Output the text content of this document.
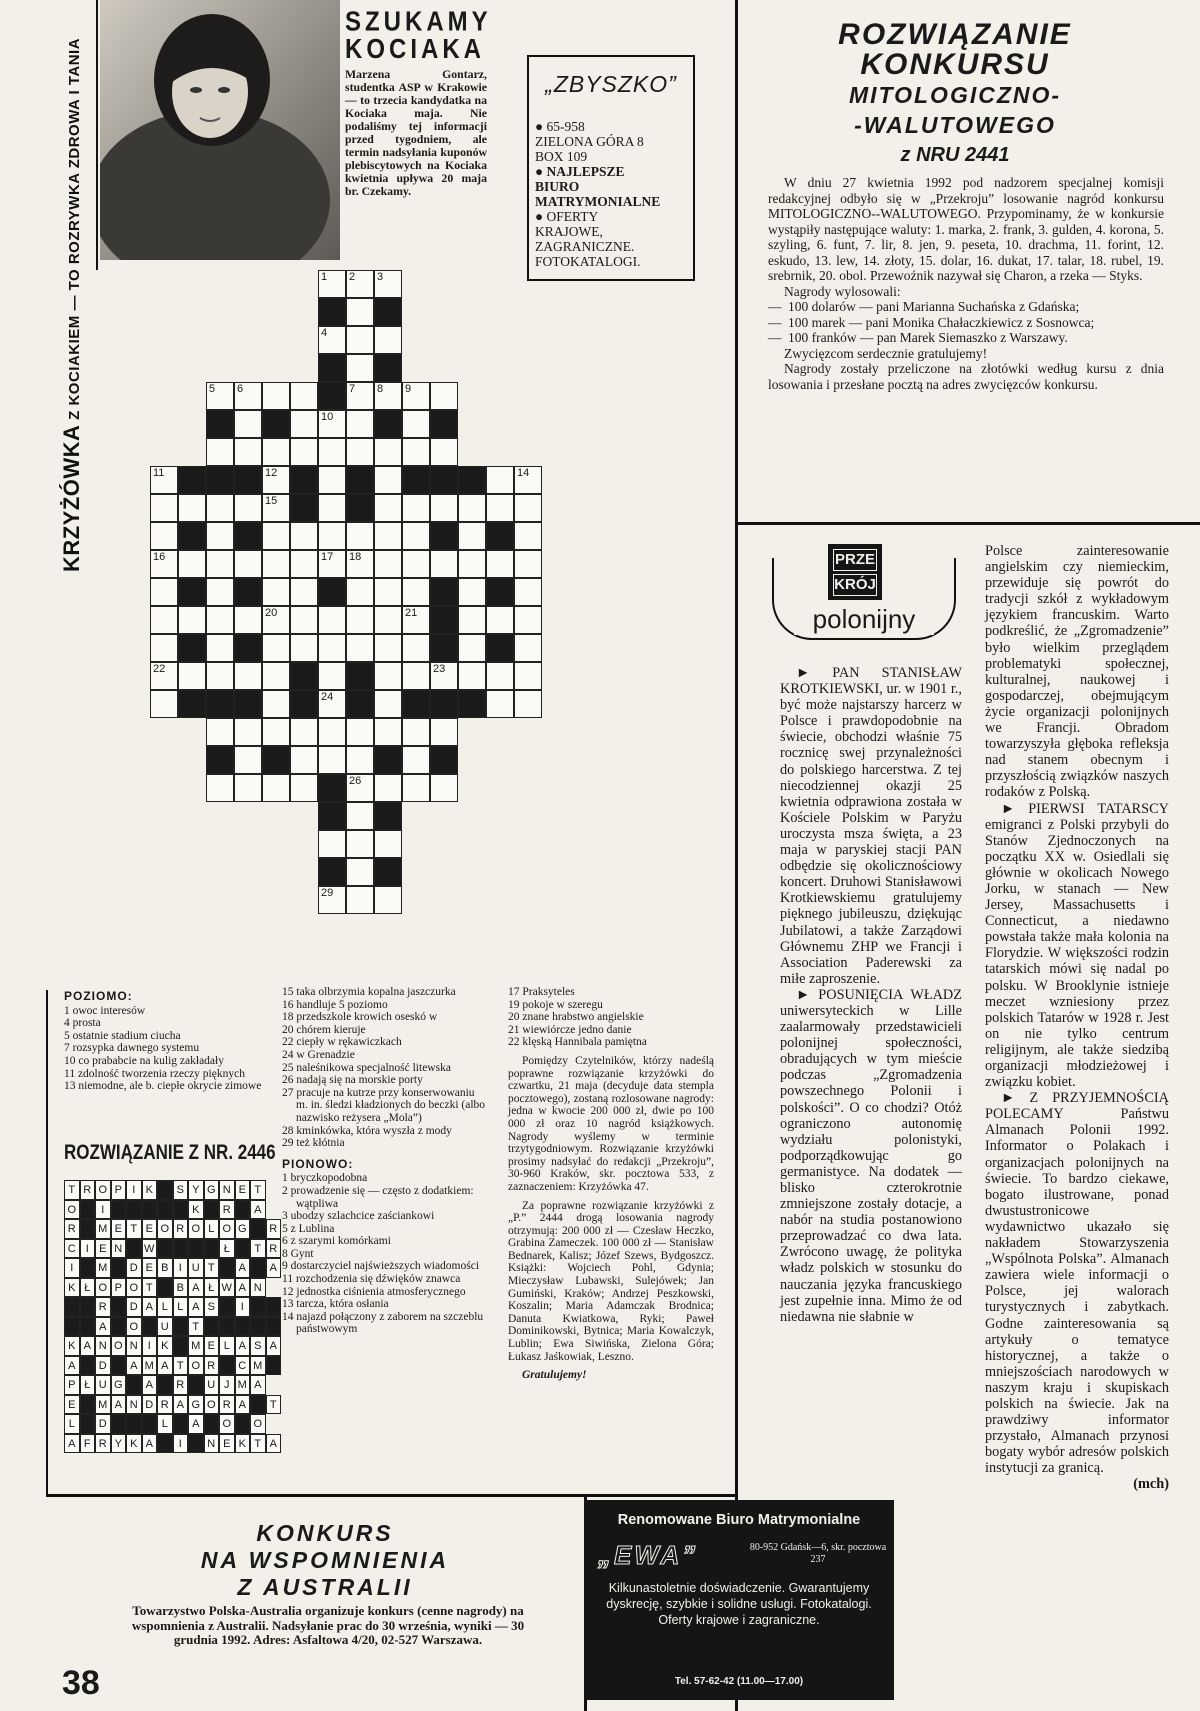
KRZYŻÓWKA Z KOCIAKIEM — TO ROZRYWKA ZDROWA I TANIA
SZUKAMY
KOCIAKA
Marzena Gontarz, studentka ASP w Krakowie — to trzecia kandydatka na Kociaka maja. Nie podaliśmy tej informacji przed tygodniem, ale termin nadsyłania kuponów plebiscytowych na Kociaka kwietnia upływa 20 maja br. Czekamy.
„ZBYSZKO”
● 65-958
ZIELONA GÓRA 8
BOX 109
● NAJLEPSZE
BIURO
MATRYMONIALNE
● OFERTY
KRAJOWE,
ZAGRANICZNE.
FOTOKATALOGI.
ROZWIĄZANIE
KONKURSU
MITOLOGICZNO-
-WALUTOWEGO
z NRU 2441

W dniu 27 kwietnia 1992 pod nadzorem specjalnej komisji redakcyjnej odbyło się w „Przekroju” losowanie nagród konkursu MITOLOGICZNO--WALUTOWEGO. Przypominamy, że w konkursie wystąpiły następujące waluty: 1. marka, 2. frank, 3. gulden, 4. korona, 5. szyling, 6. funt, 7. lir, 8. jen, 9. peseta, 10. drachma, 11. forint, 12. eskudo, 13. lew, 14. złoty, 15. dolar, 16. dukat, 17. talar, 18. rubel, 19. srebrnik, 20. obol. Przewoźnik nazywał się Charon, a rzeka — Styks.

Nagrody wylosowali:

— 100 dolarów — pani Marianna Suchańska z Gdańska;

— 100 marek — pani Monika Chałaczkiewicz z Sosnowca;

— 100 franków — pan Marek Siemaszko z Warszawy.

Zwycięzcom serdecznie gratulujemy!

Nagrody zostały przeliczone na złotówki według kursu z dnia losowania i przesłane pocztą na adres zwycięzców konkursu.

1 2 3
4
5 6	7 8 9
10
11	12	14
15
16	17 18
20	21
22	23
24
26
29
POZIOMO:

1 owoc interesów

4 prosta

5 ostatnie stadium ciucha

7 rozsypka dawnego systemu

10 co prababcie na kulig zakładały

11 zdolność tworzenia rzeczy pięknych

13 niemodne, ale b. ciepłe okrycie zimowe

15 taka olbrzymia kopalna jaszczurka

16 handluje 5 poziomo

18 przedszkole krowich oseskó w

20 chórem kieruje

22 ciepły w rękawiczkach

24 w Grenadzie

25 naleśnikowa specjalność litewska

26 nadają się na morskie porty

27 pracuje na kutrze przy konserwowaniu m. in. śledzi kładzionych do beczki (albo nazwisko reżysera „Mola”)

28 kminkówka, która wyszła z mody

29 też kłótnia

PIONOWO:

1 bryczkopodobna

2 prowadzenie się — często z dodatkiem: wątpliwa

3 ubodzy szlachcice zaściankowi

5 z Lublina

6 z szarymi komórkami

8 Gynt

9 dostarczyciel najświeższych wiadomości

11 rozchodzenia się dźwięków znawca

12 jednostka ciśnienia atmosferycznego

13 tarcza, która osłania

14 najazd połączony z zaborem na szczeblu państwowym

17 Praksyteles

19 pokoje w szeregu

20 znane hrabstwo angielskie

21 wiewiórcze jedno danie

22 klęską Hannibala pamiętna

Pomiędzy Czytelników, którzy nadeślą poprawne rozwiązanie krzyżówki do czwartku, 21 maja (decyduje data stempla pocztowego), zostaną rozlosowane nagrody: jedna w kwocie 200 000 zł, dwie po 100 000 zł oraz 10 nagród książkowych. Nagrody wyślemy w terminie trzytygodniowym. Rozwiązanie krzyżówki prosimy nadsyłać do redakcji „Przekroju”, 30-960 Kraków, skr. pocztowa 533, z zaznaczeniem: Krzyżówka 47.

Za poprawne rozwiązanie krzyżówki z „P.” 2444 drogą losowania nagrody otrzymują: 200 000 zł — Czesław Heczko, Grabina Zameczek. 100 000 zł — Stanisław Bednarek, Kalisz; Józef Szews, Bydgoszcz. Książki: Wojciech Pohl, Gdynia; Mieczysław Lubawski, Sulejówek; Jan Gumiński, Kraków; Andrzej Peszkowski, Koszalin; Maria Adamczak Brodnica; Danuta Kwiatkowa, Ryki; Paweł Dominikowski, Bytnica; Maria Kowalczyk, Lublin; Ewa Siwińska, Zielona Góra; Łukasz Jaśkowiak, Leszno.

Gratulujemy!

ROZWIĄZANIE Z NR. 2446
T R O P I K	S Y G N E T
O	I	K	R	A
R	M E T E O R O L O G	R
C I E N	W	Ł	T R
I	M	D E B I U T	A	A
K Ł O P O T	B A Ł W A N
R	D A L L A S	I
A	O	U	T
K A N O N I K	M E L A S A
A	D	A M A T O R	C M
P Ł U G	A	R	U J M A
E	M A N D R A G O R A	T
L	D	L	A	O	O
A F R Y K A	I	N E K T A
KONKURS
NA WSPOMNIENIA
Z AUSTRALII
Towarzystwo Polska-Australia organizuje konkurs (cenne nagrody) na wspomnienia z Australii. Nadsyłanie prac do 30 września, wyniki — 30 grudnia 1992. Adres: Asfaltowa 4/20, 02-527 Warszawa.
38
Renomowane Biuro Matrymonialne
„EWA”	80-952 Gdańsk—6, skr. pocztowa 237
Kilkunastoletnie doświadczenie. Gwarantujemy dyskrecję, szybkie i solidne usługi. Fotokatalogi. Oferty krajowe i zagraniczne.
Tel. 57-62-42 (11.00—17.00)
PRZE
KRÓJ
polonijny

► PAN STANISŁAW KROTKIEWSKI, ur. w 1901 r., być może najstarszy harcerz w Polsce i prawdopodobnie na świecie, obchodzi właśnie 75 rocznicę swej przynależności do polskiego harcerstwa. Z tej niecodziennej okazji 25 kwietnia odprawiona została w Kościele Polskim w Paryżu uroczysta msza święta, a 23 maja w paryskiej stacji PAN odbędzie się okolicznościowy koncert. Druhowi Stanisławowi Krotkiewskiemu gratulujemy pięknego jubileuszu, dziękując Jubilatowi, a także Zarządowi Głównemu ZHP we Francji i Association Paderewski za miłe zaproszenie.

► POSUNIĘCIA WŁADZ uniwersyteckich w Lille zaalarmowały przedstawicieli polonijnej społeczności, obradujących w tym mieście podczas „Zgromadzenia powszechnego Polonii i polskości”. O co chodzi? Otóż ograniczono autonomię wydziału polonistyki, podporządkowując go germanistyce. Na dodatek — blisko czterokrotnie zmniejszone zostały dotacje, a nabór na studia postanowiono przeprowadzać co dwa lata. Zwrócono uwagę, że polityka władz polskich w stosunku do nauczania języka francuskiego jest zupełnie inna. Mimo że od niedawna nie słabnie w

Polsce zainteresowanie angielskim czy niemieckim, przewiduje się powrót do tradycji szkół z wykładowym językiem francuskim. Warto podkreślić, że „Zgromadzenie” było wielkim przeglądem problematyki społecznej, kulturalnej, naukowej i gospodarczej, obejmującym życie organizacji polonijnych we Francji. Obradom towarzyszyła głęboka refleksja nad stanem obecnym i przyszłością związków naszych rodaków z Polską.

► PIERWSI TATARSCY emigranci z Polski przybyli do Stanów Zjednoczonych na początku XX w. Osiedlali się głównie w okolicach Nowego Jorku, w stanach — New Jersey, Massachusetts i Connecticut, a niedawno powstała także mała kolonia na Florydzie. W większości rodzin tatarskich mówi się nadal po polsku. W Brooklynie istnieje meczet wzniesiony przez polskich Tatarów w 1928 r. Jest on nie tylko centrum religijnym, ale także siedzibą organizacji młodzieżowej i związku kobiet.

► Z PRZYJEMNOŚCIĄ POLECAMY Państwu Almanach Polonii 1992. Informator o Polakach i organizacjach polonijnych na świecie. To bardzo ciekawe, bogato ilustrowane, ponad dwustustronicowe wydawnictwo ukazało się nakładem Stowarzyszenia „Wspólnota Polska”. Almanach zawiera wiele informacji o Polsce, jej walorach turystycznych i zabytkach. Godne zainteresowania są artykuły o tematyce historycznej, a także o mniejszościach narodowych w naszym kraju i skupiskach polskich na świecie. Jak na prawdziwy informator przystało, Almanach przynosi bogaty wybór adresów polskich instytucji za granicą.

(mch)
